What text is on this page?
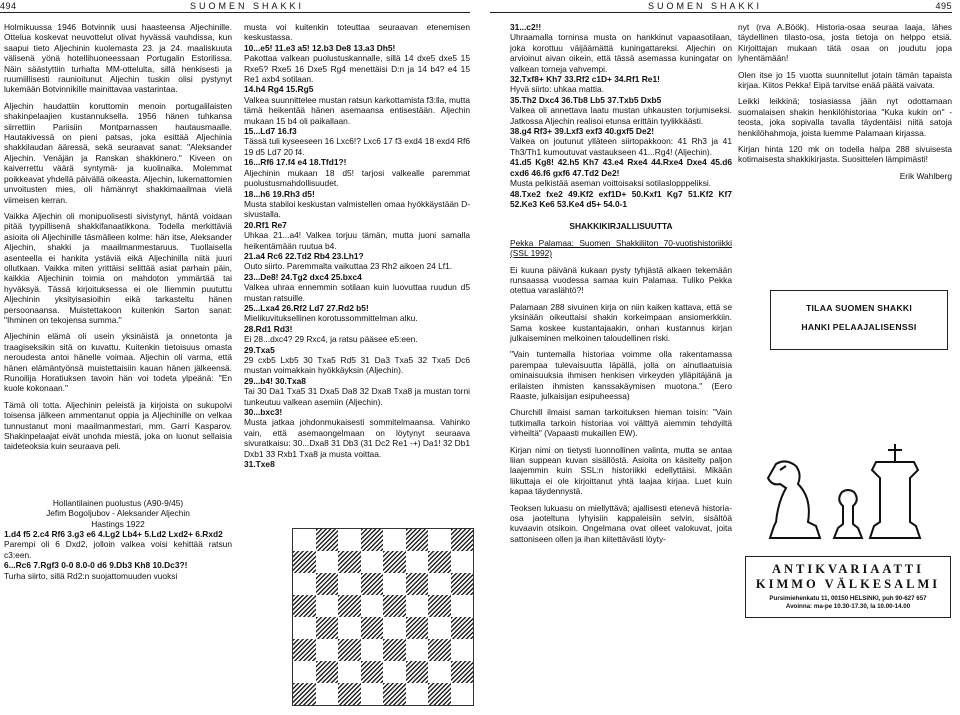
494	SUOMEN SHAKKI	SUOMEN SHAKKI	495

Holmikuussa 1946 Botvinnik uusi haasteensa Aljechinille. Ottelua koskevat neuvottelut olivat hyvässä vauhdissa, kun saapui tieto Aljechinin kuolemasta 23. ja 24. maaliskuuta välisenä yönä hotellihuoneessaan Portugalin Estorilissa. Näin säästyttiin turhalta MM-ottelulta, sillä henkisesti ja ruumiillisesti raunioitunut Aljechin tuskin olisi pystynyt lukemään Botvinnikille mainittavaa vastarintaa.

Aljechin haudattiin koruttomin menoin portugalilaisten shakinpelaajien kustannuksella. 1956 hänen tuhkansa siirrettiin Pariisiin Montparnassen hautausmaalle. Hautakivessä on pieni patsas, joka esittää Aljechinia shakkilaudan ääressä, sekä seuraavat sanat: "Aleksander Aljechin. Venäjän ja Ranskan shakkinero." Kiveen on kaiverrettu väärä syntymä- ja kuolinaika. Molemmat poikkeavat yhdellä päivällä oikeasta. Aljechin, lukemattomien unvoitusten mies, oli hämännyt shakkimaailmaa vielä viimeisen kerran.

Vaikka Aljechin oli monipuolisesti sivistynyt, häntä voidaan pitää tyypillisenä shakkifanaatikkona. Todella merkittäviä asioita oli Aljechinille täsmälleen kolme: hän itse, Aleksander Aljechin, shakki ja maailmanmestaruus. Tuollaisella asenteella ei hankita ystäviä eikä Aljechinilla niitä juuri ollutkaan. Vaikka miten yrittäisi selittää asiat parhain päin, kaikkia Aljechinin toimia on mahdoton ymmärtää tai hyväksyä. Tässä kirjoituksessa ei ole lliemmin puututtu Aljechinin yksityisasioihin eikä tarkasteltu hänen persoonaansa. Muistettakoon kuitenkin Sarton sanat: "Ihminen on tekojensa summa."

Aljechinin elämä oli usein yksinäistä ja onnetonta ja traagiseksikin sitä on kuvattu. Kuitenkin tietoisuus omasta neroudesta antoi hänelle voimaa. Aljechin oli varma, että hänen elämäntyönsä muistettaisiin kauan hänen jälkeensä. Runoilija Horatiuksen tavoin hän voi todeta ylpeänä: "En kuole kokonaan."

Tämä oli totta. Aljechinin peleistä ja kirjoista on sukupolvi toisensa jälkeen ammentanut oppia ja Aljechinille on velkaa tunnustanut moni maailmanmestari, mm. Garri Kasparov. Shakinpelaajat eivät unohda miestä, joka on luonut sellaisia taideteoksia kuin seuraava peli.

Hollantilainen puolustus (A90-9/45)
Jefim Bogoljubov - Aleksander Aljechin
Hastings 1922
1.d4 f5 2.c4 Rf6 3.g3 e6 4.Lg2 Lb4+ 5.Ld2 Lxd2+ 6.Rxd2
Parempi oli 6 Dxd2, jolloin valkea voisi kehittää ratsun c3:een.
6...Rc6 7.Rgf3 0-0 8.0-0 d6 9.Db3 Kh8 10.Dc3?!
Turha siirto, sillä Rd2:n suojattomuuden vuoksi
musta voi kuitenkin toteuttaa seuraavan etenemisen keskustassa.
10...e5! 11.e3 a5! 12.b3 De8 13.a3 Dh5!
Pakottaa valkean puolustuskannalle, sillä 14 dxe5 dxe5 15 Rxe5? Rxe5 16 Dxe5 Rg4 menettäisi D:n ja 14 b4? e4 15 Re1 axb4 sotilaan.
14.h4 Rg4 15.Rg5
Valkea suunnittelee mustan ratsun karkottamista f3:lla, mutta tämä heikentää hänen asemaansa entisestään. Aljechin mukaan 15 b4 oli paikallaan.
15...Ld7 16.f3
Tässä tuli kyseeseen 16 Lxc6!? Lxc6 17 f3 exd4 18 exd4 Rf6 19 d5 Ld7 20 f4.
16...Rf6 17.f4 e4 18.Tfd1?!
Aljechinin mukaan 18 d5! tarjosi valkealle paremmat puolustusmahdollisuudet.
18...h6 19.Rh3 d5!
Musta stabiloi keskustan valmistellen omaa hyökkäystään D-sivustalla.
20.Rf1 Re7
Uhkaa 21...a4! Valkea torjuu tämän, mutta juoni samalla heikentämään ruutua b4.
21.a4 Rc6 22.Td2 Rb4 23.Lh1?
Outo siirto. Paremmalta vaikuttaa 23 Rh2 aikoen 24 Lf1.
23...De8! 24.Tg2 dxc4 25.bxc4
Valkea uhraa ennemmin sotilaan kuin luovuttaa ruudun d5 mustan ratsuille.
25...Lxa4 26.Rf2 Ld7 27.Rd2 b5!
Mielikuvituksellinen korotussommittelman alku.
28.Rd1 Rd3!
Ei 28...dxc4? 29 Rxc4, ja ratsu pääsee e5:een.
29.Txa5
29 cxb5 Lxb5 30 Txa5 Rd5 31 Da3 Txa5 32 Txa5 Dc6 mustan voimakkain hyökkäyksin (Aljechin).
29...b4! 30.Txa8
Tai 30 Da1 Txa5 31 Dxa5 Da8 32 Dxa8 Txa8 ja mustan torni tunkeutuu valkean asemiin (Aljechin).
30...bxc3!
Musta jatkaa johdonmukaisesti sommitelmaansa. Vahinko vain, että asemaongelmaan on löytynyt seuraava sivuratkaisu: 30...Dxa8 31 Db3 (31 Dc2 Re1 -+) Da1! 32 Db1 Dxb1 33 Rxb1 Txa8 ja musta voittaa.
31.Txe8
31...c2!!
Uhraamalla torninsa musta on hankkinut vapaasotilaan, joka korottuu väijäämättä kuningattareksi. Aljechin on arvioinut aivan oikein, että tässä asemassa kuningatar on valkean torneja vahvempi.
32.Txf8+ Kh7 33.Rf2 c1D+ 34.Rf1 Re1!
Hyvä siirto: uhkaa mattia.
35.Th2 Dxc4 36.Tb8 Lb5 37.Txb5 Dxb5
Valkea oli annettava laatu mustan uhkausten torjumiseksi. Jatkossa Aljechin realisoi etunsa erittäin tyylikkäästi.
38.g4 Rf3+ 39.Lxf3 exf3 40.gxf5 De2!
Valkea on joutunut ylläteen siirtopakkoon: 41 Rh3 ja 41 Th3/Th1 kumoutuvat vastaukseen 41...Rg4! (Aljechin).
41.d5 Kg8! 42.h5 Kh7 43.e4 Rxe4 44.Rxe4 Dxe4 45.d6 cxd6 46.f6 gxf6 47.Td2 De2!
Musta pelkistää aseman voittoisaksi sotilaslopppeliksi.
48.Txe2 fxe2 49.Kf2 exf1D+ 50.Kxf1 Kg7 51.Kf2 Kf7 52.Ke3 Ke6 53.Ke4 d5+ 54.0-1
SHAKKIKIRJALLISUUTTA
Pekka Palamaa: Suomen Shakkiliiton 70-vuotishistoriikki (SSL 1992)

Ei kuuna päivänä kukaan pysty tyhjästä alkaen tekemään runsaassa vuodessa samaa kuin Palamaa. Tuliko Pekka otettua varaslähtö?!

Palamaan 288 sivuinen kirja on niin kaiken kattava, että se yksinään oikeuttaisi shakin korkeimpaan ansiomerkkiin. Sama koskee kustantajaakin, onhan kustannus kirjan julkaiseminen melkoinen taloudellinen riski.

"Vain tuntemalla historiaa voimme olla rakentamassa parempaa tulevaisuutta läpällä, jolla on ainutlaatuisia ominaisuuksia ihmisen henkisen virkeyden ylläpitäjänä ja erilaisten ihmisten kanssakäymisen muotona." (Eero Raaste, julkaisijan esipuheessa)

Churchill ilmaisi saman tarkoituksen hieman toisin: "Vain tutkimalla tarkoin historiaa voi välttyä aiemmin tehdyiltä virheiltä" (Vapaasti mukaillen EW).

Kirjan nimi on tietysti luonnollinen valinta, mutta se antaa liian suppean kuvan sisällöstä. Asioita on käsitelty paljon laajemmin kuin SSL:n historiikki edellyttäisi. Mikään liikuttaja ei ole kirjoittanut yhtä laajaa kirjaa. Luet kuin kapaa täydennystä.

Teoksen lukuasu on miellyttävä; ajallisesti etenevä historia-osa jaoteltuna lyhyisiin kappaleisiin selvin, sisältöä kuvaavin otsikoin. Ongelmana ovat olleet valokuvat, joita sattoniseen ollen ja ihan kiitettävästi löyty-

nyt (rva A.Böök). Historia-osaa seuraa laaja, lähes täydellinen tilasto-osa, josta tietoja on helppo etsiä. Kirjoittajan mukaan tätä osaa on joudutu jopa lyhentämään!

Olen itse jo 15 vuotta suunnitellut jotain tämän tapaista kirjaa. Kiitos Pekka! Eipä tarvitse enää päätä vaivata.

Leikki leikkinä; tosiasiassa jään nyt odottamaan suomalaisen shakin henkilöhistoriaa "Kuka kukin on" -teosta, joka sopivalla tavalla täydentäisi niitä satoja henkilöhahmoja, joista luemme Palamaan kirjassa.

Kirjan hinta 120 mk on todella halpa 288 sivuisesta kotimaisesta shakkikirjasta. Suosittelen lämpimästi!

Erik Wahlberg
TILAA SUOMEN SHAKKI
HANKI PELAAJALISENSSI
ANTIKVARIAATTI
KIMMO VÄLKESALMI
Pursimiehenkatu 11, 00150 HELSINKI, puh 90-627 657
Avoinna: ma-pe 10.30-17.30, la 10.00-14.00
